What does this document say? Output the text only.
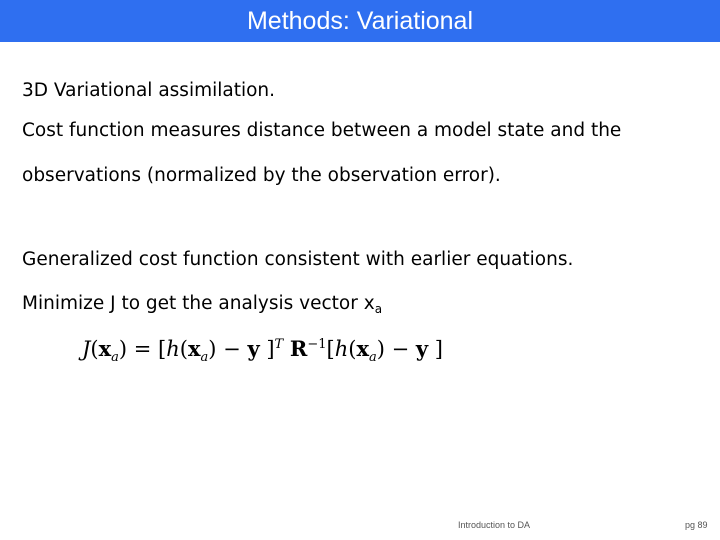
Methods: Variational
3D Variational assimilation.
Cost function measures distance between a model state and the
observations (normalized by the observation error).
Generalized cost function consistent with earlier equations.
Minimize J to get the analysis vector $x_a$
$J(x_a) = [h(x_a) - y$ ]$^T$ $R^{-1}[h(x_a) - y$ ]
Introduction to DA	pg 89
